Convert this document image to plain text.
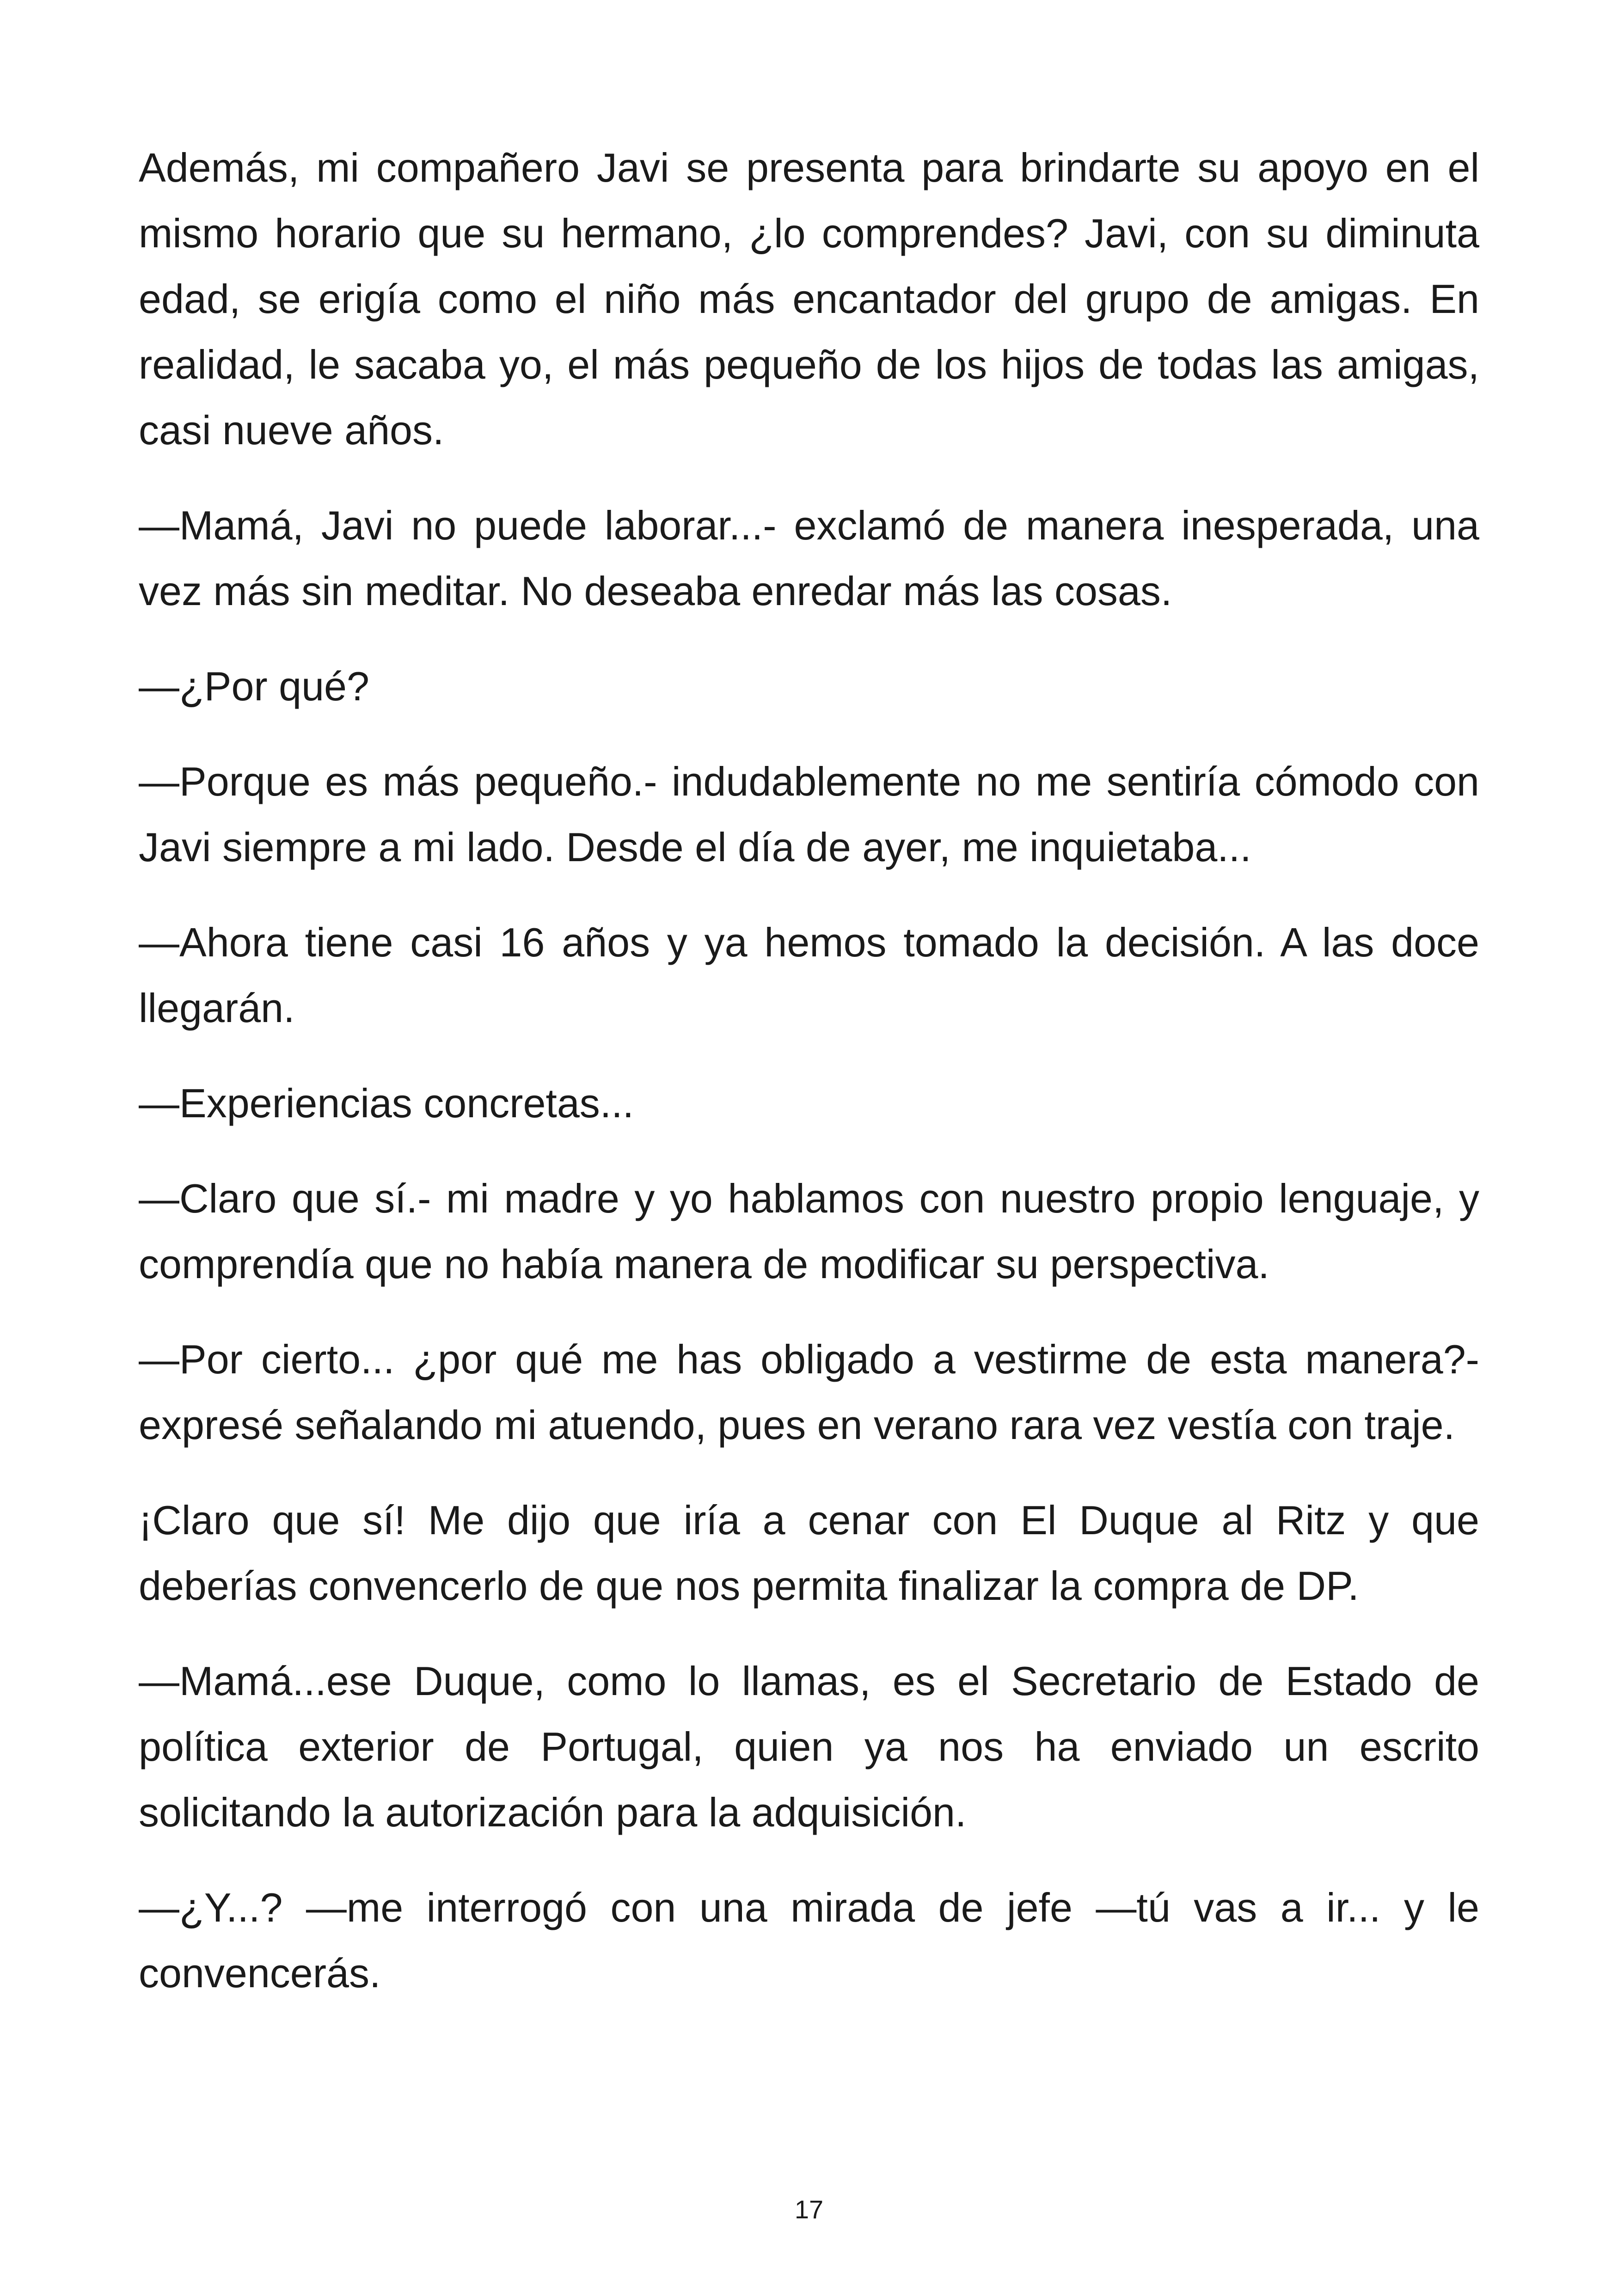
Además, mi compañero Javi se presenta para brindarte su apoyo en el mismo horario que su hermano, ¿lo comprendes? Javi, con su diminuta edad, se erigía como el niño más encantador del grupo de amigas. En realidad, le sacaba yo, el más pequeño de los hijos de todas las amigas, casi nueve años.

—Mamá, Javi no puede laborar...- exclamó de manera inesperada, una vez más sin meditar. No deseaba enredar más las cosas.

—¿Por qué?

—Porque es más pequeño.- indudablemente no me sentiría cómodo con Javi siempre a mi lado. Desde el día de ayer, me inquietaba...

—Ahora tiene casi 16 años y ya hemos tomado la decisión. A las doce llegarán.

—Experiencias concretas...

—Claro que sí.- mi madre y yo hablamos con nuestro propio lenguaje, y comprendía que no había manera de modificar su perspectiva.

—Por cierto... ¿por qué me has obligado a vestirme de esta manera?- expresé señalando mi atuendo, pues en verano rara vez vestía con traje.

¡Claro que sí! Me dijo que iría a cenar con El Duque al Ritz y que deberías convencerlo de que nos permita finalizar la compra de DP.

—Mamá...ese Duque, como lo llamas, es el Secretario de Estado de política exterior de Portugal, quien ya nos ha enviado un escrito solicitando la autorización para la adquisición.

—¿Y...? —me interrogó con una mirada de jefe —tú vas a ir... y le convencerás.

17
